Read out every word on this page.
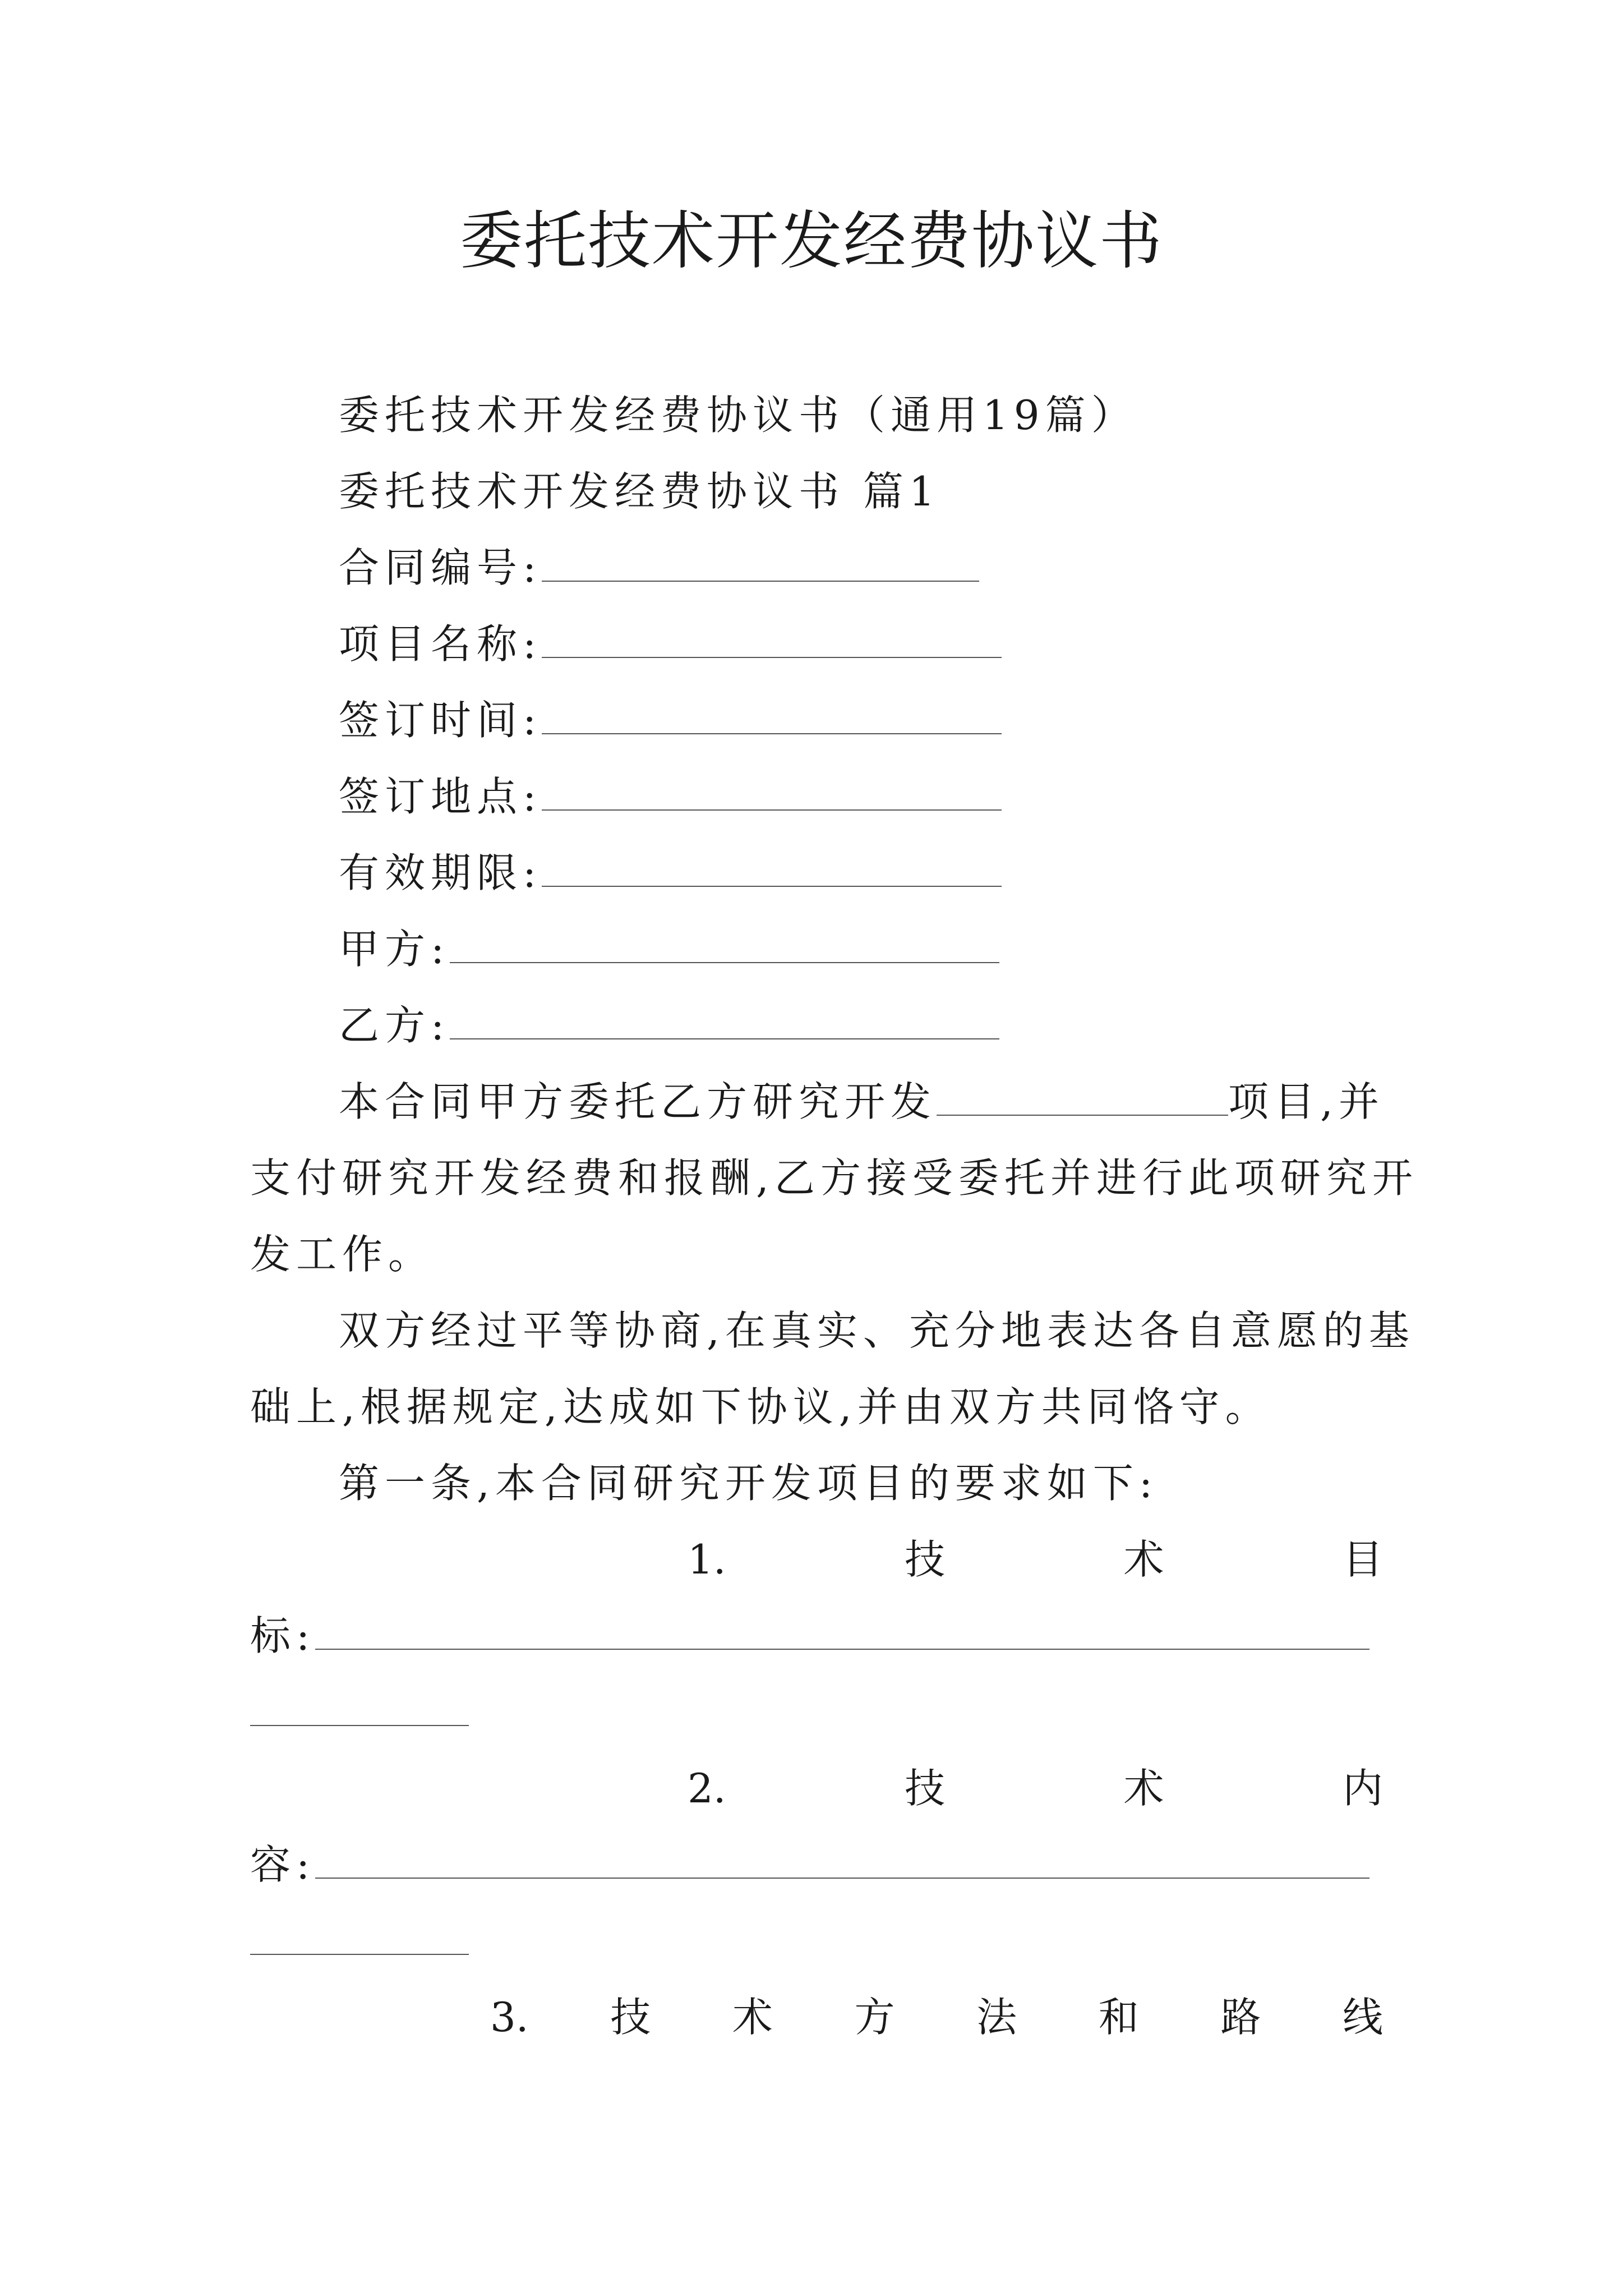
委托技术开发经费协议书
委托技术开发经费协议书（通用19篇）
委托技术开发经费协议书 篇1
合同编号:
项目名称:
签订时间:
签订地点:
有效期限:
甲方:
乙方:
本合同甲方委托乙方研究开发	项目,并
支付研究开发经费和报酬,乙方接受委托并进行此项研究开
发工作。
双方经过平等协商,在真实、充分地表达各自意愿的基
础上,根据规定,达成如下协议,并由双方共同恪守。
第一条,本合同研究开发项目的要求如下:
1.	技	术	目
标:
2.	技	术	内
容:
3. 技 术 方 法 和 路 线
